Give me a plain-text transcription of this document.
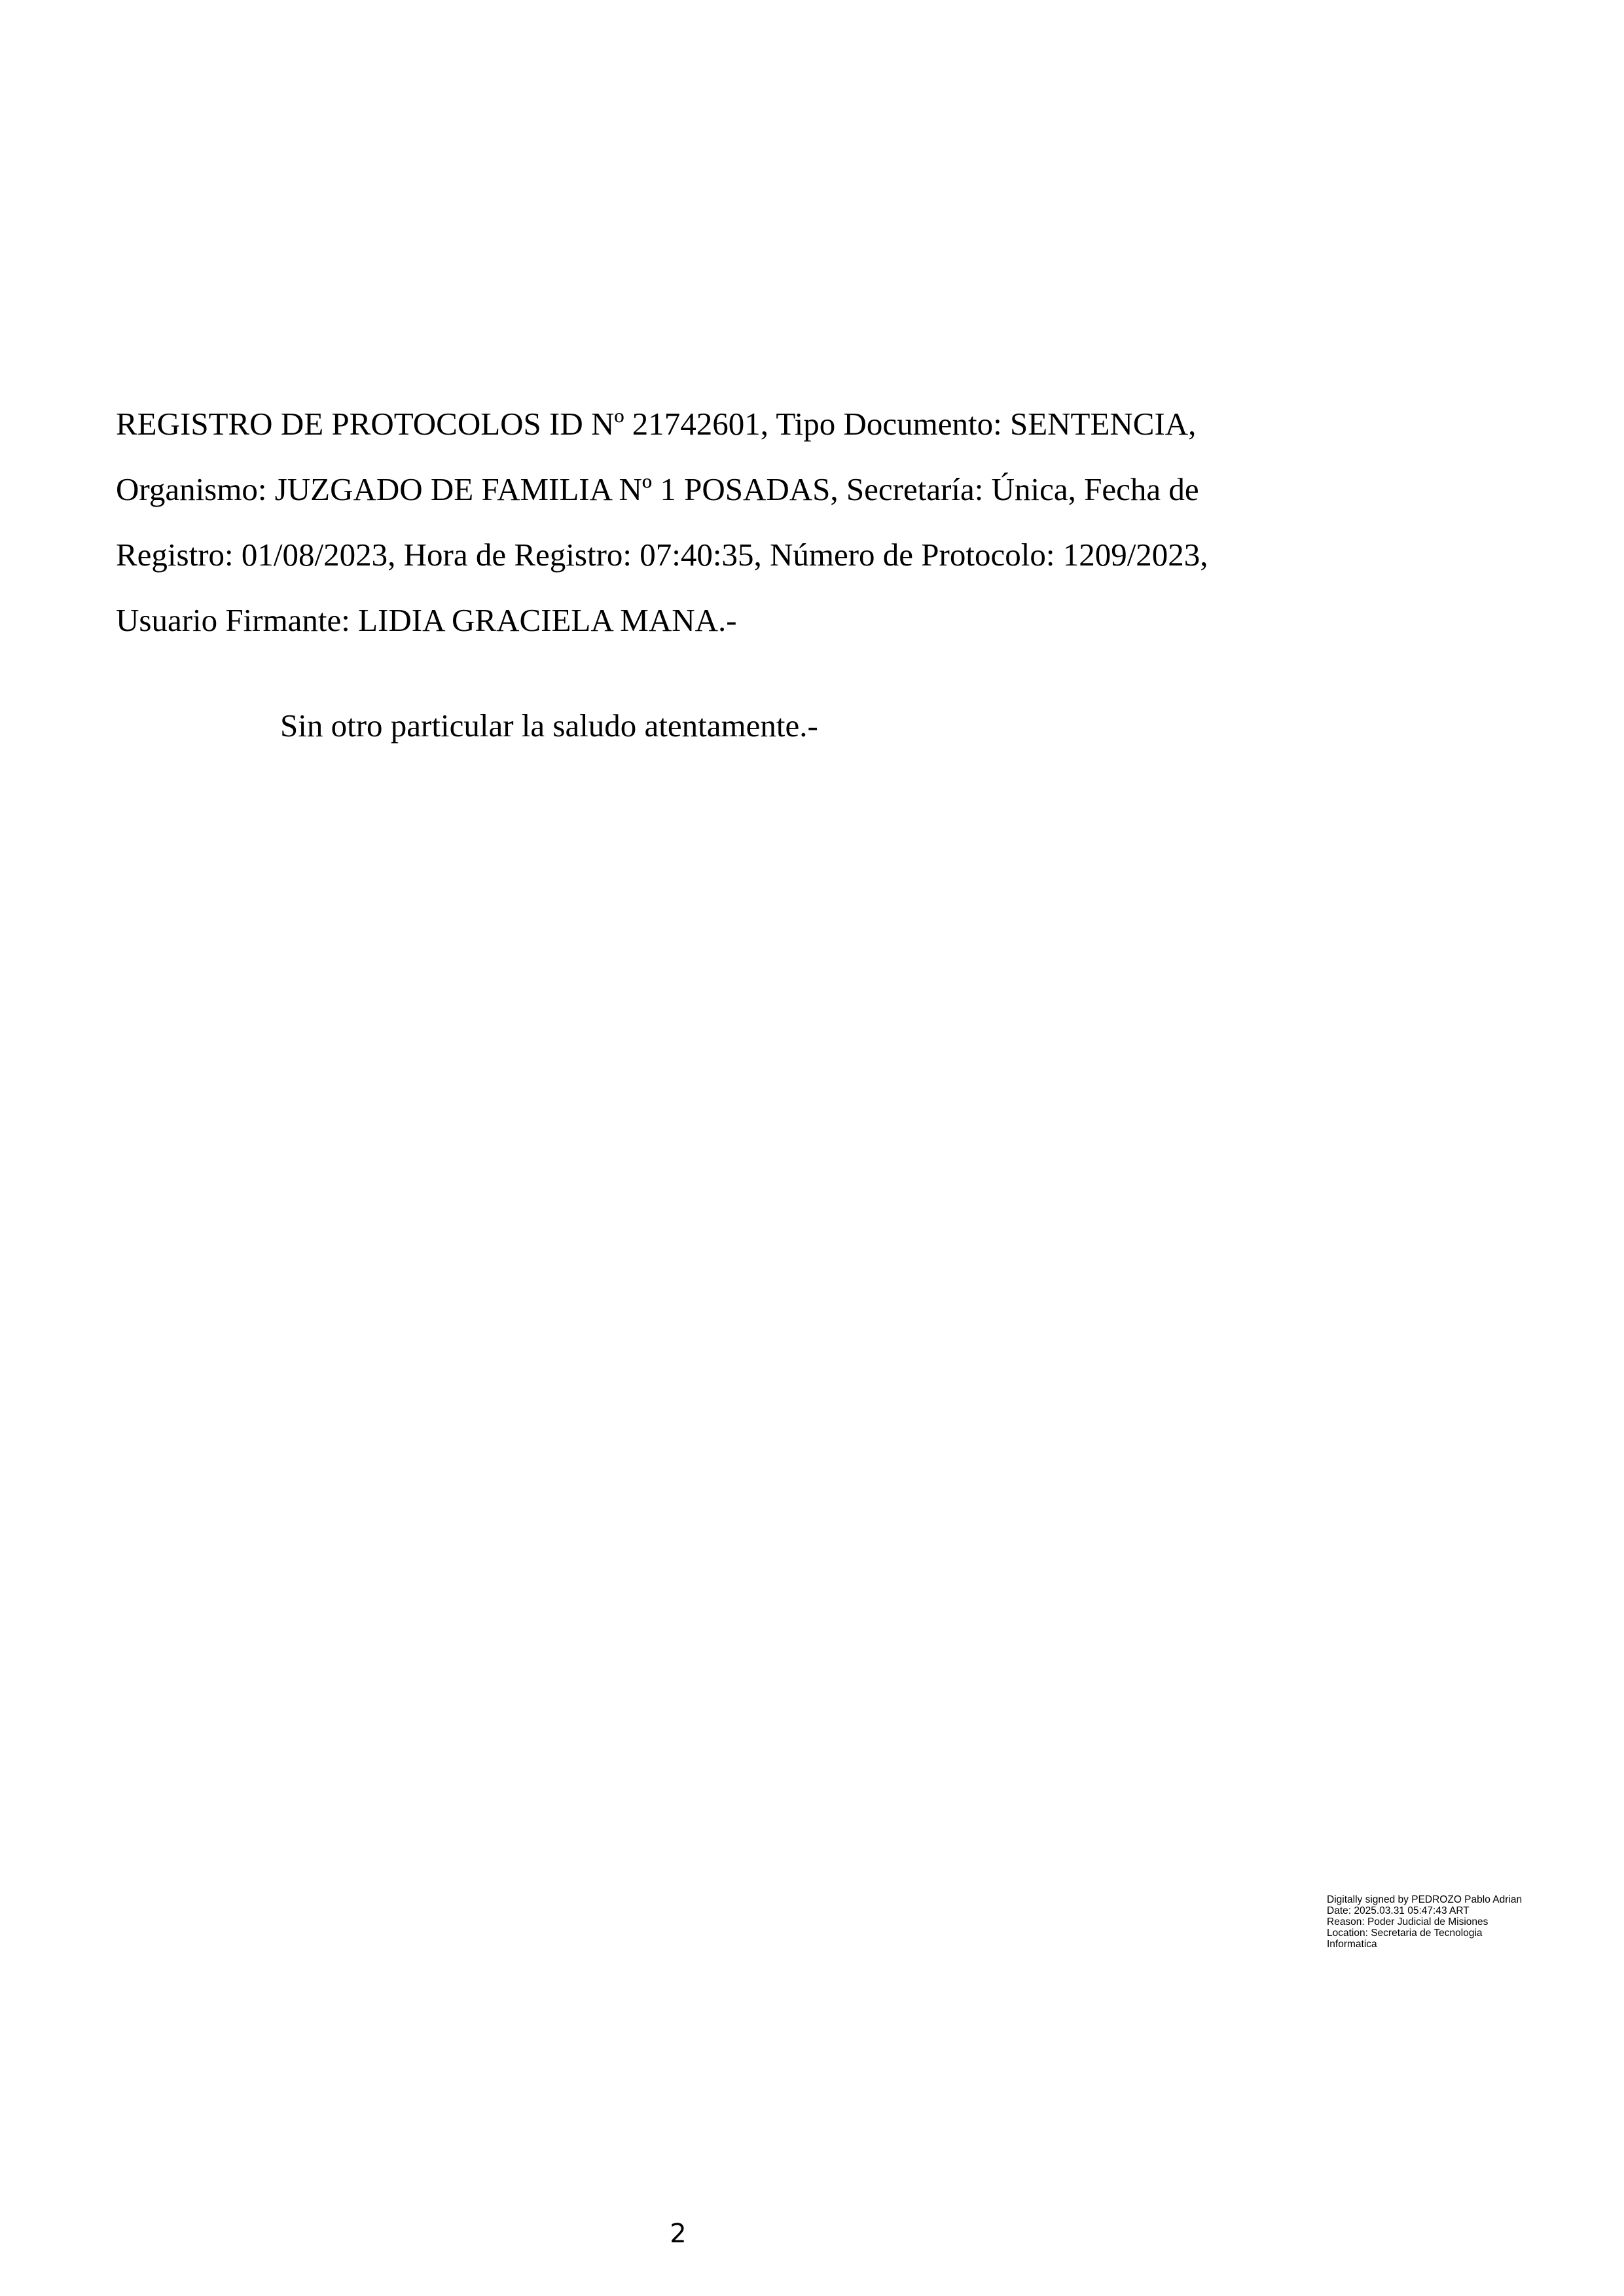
REGISTRO DE PROTOCOLOS ID Nº 21742601, Tipo Documento: SENTENCIA,
Organismo: JUZGADO DE FAMILIA Nº 1 POSADAS, Secretaría: Única, Fecha de
Registro: 01/08/2023, Hora de Registro: 07:40:35, Número de Protocolo: 1209/2023,
Usuario Firmante: LIDIA GRACIELA MANA.-
Sin otro particular la saludo atentamente.-
Digitally signed by PEDROZO Pablo Adrian
Date: 2025.03.31 05:47:43 ART
Reason: Poder Judicial de Misiones
Location: Secretaria de Tecnologia
Informatica
2
